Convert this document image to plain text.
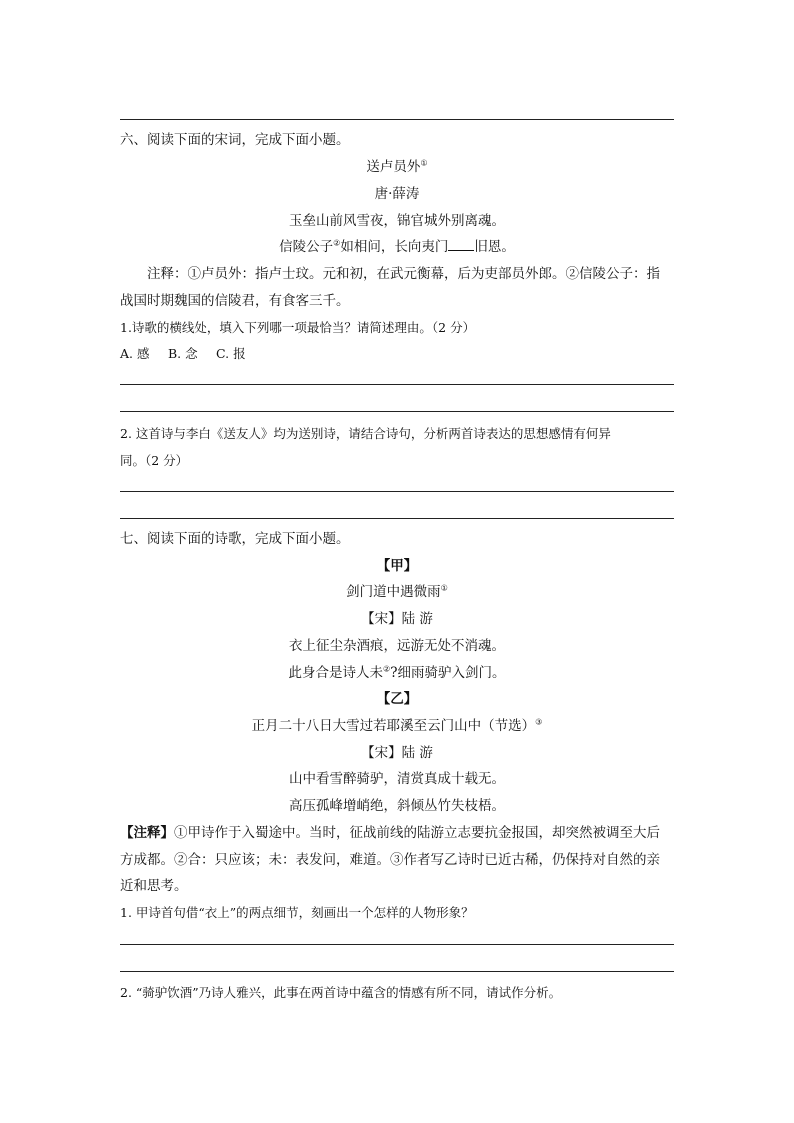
六、阅读下面的宋词，完成下面小题。
送卢员外①
唐·薛涛
玉垒山前风雪夜，锦官城外别离魂。
信陵公子②如相问，长向夷门 旧恩。
注释：①卢员外：指卢士玟。元和初，在武元衡幕，后为吏部员外郎。②信陵公子：指
战国时期魏国的信陵君，有食客三千。
1.诗歌的横线处，填入下列哪一项最恰当？请简述理由。（2 分）
A. 感 B. 念 C. 报
2. 这首诗与李白《送友人》均为送别诗，请结合诗句，分析两首诗表达的思想感情有何异
同。（2 分）
七、阅读下面的诗歌，完成下面小题。
【甲】
剑门道中遇微雨①
【宋】陆 游
衣上征尘杂酒痕，远游无处不消魂。
此身合是诗人未②?细雨骑驴入剑门。
【乙】
正月二十八日大雪过若耶溪至云门山中（节选）③
【宋】陆 游
山中看雪醉骑驴，清赏真成十载无。
高压孤峰增峭绝，斜倾丛竹失枝梧。
【注释】①甲诗作于入蜀途中。当时，征战前线的陆游立志要抗金报国，却突然被调至大后
方成都。②合：只应该；未：表发问，难道。③作者写乙诗时已近古稀，仍保持对自然的亲
近和思考。
1. 甲诗首句借“衣上”的两点细节，刻画出一个怎样的人物形象？
2. “骑驴饮酒”乃诗人雅兴，此事在两首诗中蕴含的情感有所不同，请试作分析。
